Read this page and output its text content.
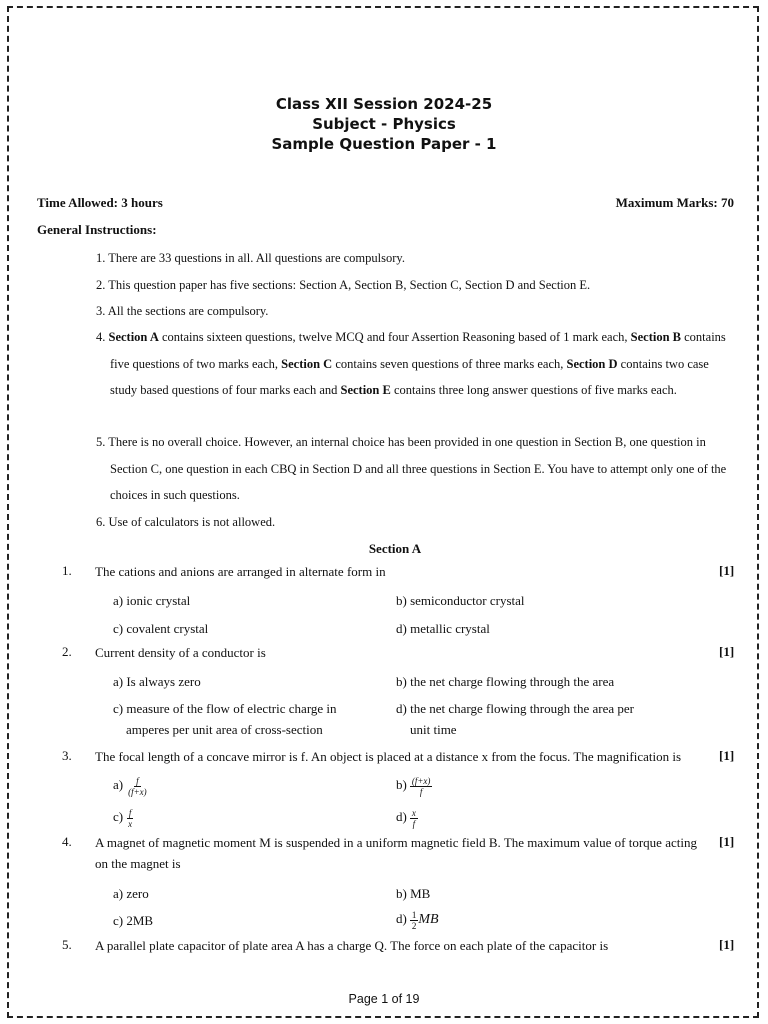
Class XII Session 2024-25
Subject - Physics
Sample Question Paper - 1
Time Allowed: 3 hours	Maximum Marks: 70
General Instructions:
1. There are 33 questions in all. All questions are compulsory.
2. This question paper has five sections: Section A, Section B, Section C, Section D and Section E.
3. All the sections are compulsory.
4. Section A contains sixteen questions, twelve MCQ and four Assertion Reasoning based of 1 mark each, Section B contains five questions of two marks each, Section C contains seven questions of three marks each, Section D contains two case study based questions of four marks each and Section E contains three long answer questions of five marks each.
5. There is no overall choice. However, an internal choice has been provided in one question in Section B, one question in Section C, one question in each CBQ in Section D and all three questions in Section E. You have to attempt only one of the choices in such questions.
6. Use of calculators is not allowed.
Section A
1. The cations and anions are arranged in alternate form in	[1]
a) ionic crystal	b) semiconductor crystal
c) covalent crystal	d) metallic crystal
2. Current density of a conductor is	[1]
a) Is always zero	b) the net charge flowing through the area
c) measure of the flow of electric charge in
amperes per unit area of cross-section
d) the net charge flowing through the area per
unit time
3. The focal length of a concave mirror is f. An object is placed at a distance x from the focus. The magnification is	[1]
$a) \frac{f}{(f+x)}$	$b) \frac{(f+x)}{f}$
$c) \frac{f}{x}$	$d) \frac{x}{f}$
4. A magnet of magnetic moment M is suspended in a uniform magnetic field B. The maximum value of torque acting on the magnet is
[1]
a) zero	b) MB
c) 2MB	$d) \frac{1}{2}$ MB
5. A parallel plate capacitor of plate area A has a charge Q. The force on each plate of the capacitor is	[1]
Page 1 of 19
